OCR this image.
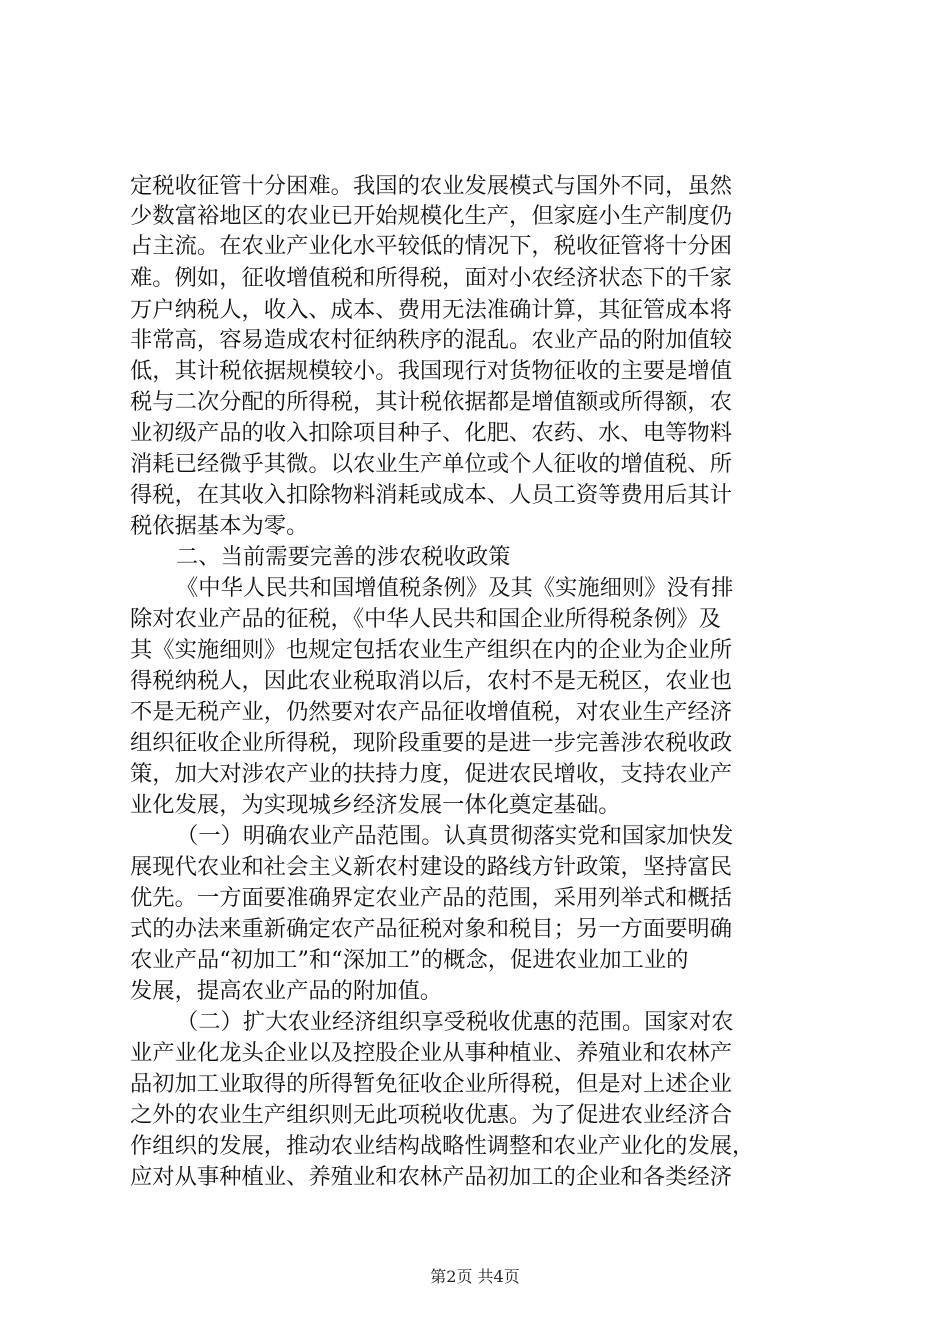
定税收征管十分困难。我国的农业发展模式与国外不同，虽然
少数富裕地区的农业已开始规模化生产，但家庭小生产制度仍
占主流。在农业产业化水平较低的情况下，税收征管将十分困
难。例如，征收增值税和所得税，面对小农经济状态下的千家
万户纳税人，收入、成本、费用无法准确计算，其征管成本将
非常高，容易造成农村征纳秩序的混乱。农业产品的附加值较
低，其计税依据规模较小。我国现行对货物征收的主要是增值
税与二次分配的所得税，其计税依据都是增值额或所得额，农
业初级产品的收入扣除项目种子、化肥、农药、水、电等物料
消耗已经微乎其微。以农业生产单位或个人征收的增值税、所
得税，在其收入扣除物料消耗或成本、人员工资等费用后其计
税依据基本为零。
二、当前需要完善的涉农税收政策
《中华人民共和国增值税条例》及其《实施细则》没有排
除对农业产品的征税，《中华人民共和国企业所得税条例》及
其《实施细则》也规定包括农业生产组织在内的企业为企业所
得税纳税人，因此农业税取消以后，农村不是无税区，农业也
不是无税产业，仍然要对农产品征收增值税，对农业生产经济
组织征收企业所得税，现阶段重要的是进一步完善涉农税收政
策，加大对涉农产业的扶持力度，促进农民增收，支持农业产
业化发展，为实现城乡经济发展一体化奠定基础。
（一）明确农业产品范围。认真贯彻落实党和国家加快发
展现代农业和社会主义新农村建设的路线方针政策，坚持富民
优先。一方面要准确界定农业产品的范围，采用列举式和概括
式的办法来重新确定农产品征税对象和税目；另一方面要明确
农业产品“初加工”和“深加工”的概念，促进农业加工业的
发展，提高农业产品的附加值。
（二）扩大农业经济组织享受税收优惠的范围。国家对农
业产业化龙头企业以及控股企业从事种植业、养殖业和农林产
品初加工业取得的所得暂免征收企业所得税，但是对上述企业
之外的农业生产组织则无此项税收优惠。为了促进农业经济合
作组织的发展，推动农业结构战略性调整和农业产业化的发展，
应对从事种植业、养殖业和农林产品初加工的企业和各类经济
第2页 共4页
